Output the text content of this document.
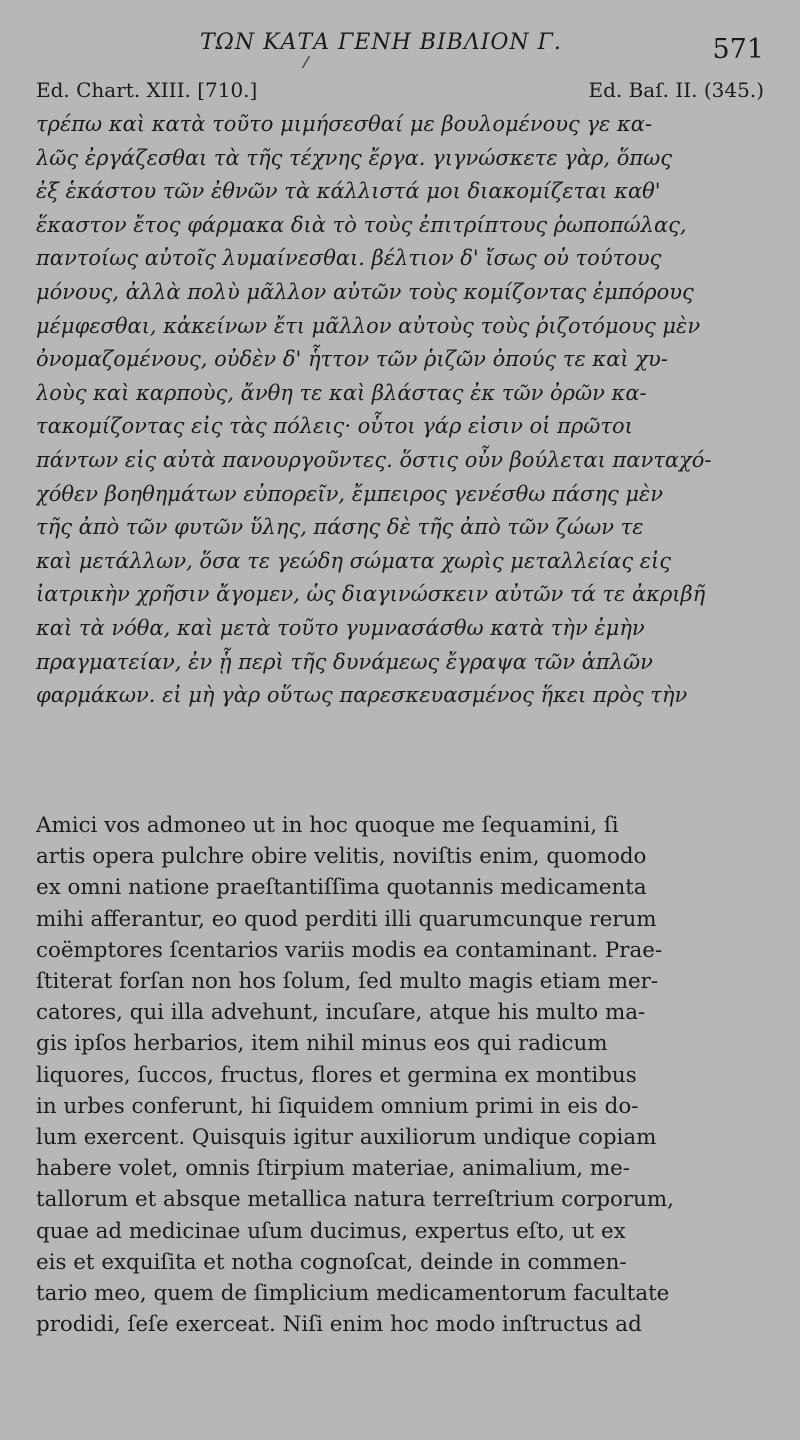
ΤΩΝ ΚΑΤΑ ΓΕΝΗ ΒΙΒΛΙΟΝ Γ.	571
Ed. Chart. XIII. [710.]	Ed. Baſ. II. (345.)
τρέπω καὶ κατὰ τοῦτο μιμήσεσθαί με βουλομένους γε κα-
λῶς ἐργάζεσθαι τὰ τῆς τέχνης ἔργα. γιγνώσκετε γὰρ, ὅπως
ἐξ ἑκάστου τῶν ἐθνῶν τὰ κάλλιστά μοι διακομίζεται καθ'
ἕκαστον ἔτος φάρμακα διὰ τὸ τοὺς ἐπιτρίπτους ῥωποπώλας,
παντοίως αὐτοῖς λυμαίνεσθαι. βέλτιον δ' ἴσως οὐ τούτους
μόνους, ἀλλὰ πολὺ μᾶλλον αὐτῶν τοὺς κομίζοντας ἐμπόρους
μέμφεσθαι, κἀκείνων ἔτι μᾶλλον αὐτοὺς τοὺς ῥιζοτόμους μὲν
ὀνομαζομένους, οὐδὲν δ' ἧττον τῶν ῥιζῶν ὀπούς τε καὶ χυ-
λοὺς καὶ καρποὺς, ἄνθη τε καὶ βλάστας ἐκ τῶν ὀρῶν κα-
τακομίζοντας εἰς τὰς πόλεις· οὗτοι γάρ εἰσιν οἱ πρῶτοι
πάντων εἰς αὐτὰ πανουργοῦντες. ὅστις οὖν βούλεται πανταχό-
χόθεν βοηθημάτων εὐπορεῖν, ἔμπειρος γενέσθω πάσης μὲν
τῆς ἀπὸ τῶν φυτῶν ὕλης, πάσης δὲ τῆς ἀπὸ τῶν ζώων τε
καὶ μετάλλων, ὅσα τε γεώδη σώματα χωρὶς μεταλλείας εἰς
ἰατρικὴν χρῆσιν ἄγομεν, ὡς διαγινώσκειν αὐτῶν τά τε ἀκριβῆ
καὶ τὰ νόθα, καὶ μετὰ τοῦτο γυμνασάσθω κατὰ τὴν ἐμὴν
πραγματείαν, ἐν ᾗ περὶ τῆς δυνάμεως ἔγραψα τῶν ἁπλῶν
φαρμάκων. εἰ μὴ γὰρ οὕτως παρεσκευασμένος ἥκει πρὸς τὴν
Amici vos admoneo ut in hoc quoque me ſequamini, ſi
artis opera pulchre obire velitis, noviſtis enim, quomodo
ex omni natione praeſtantiſſima quotannis medicamenta
mihi afferantur, eo quod perditi illi quarumcunque rerum
coëmptores ſcentarios variis modis ea contaminant. Prae-
ſtiterat forſan non hos ſolum, ſed multo magis etiam mer-
catores, qui illa advehunt, incuſare, atque his multo ma-
gis ipſos herbarios, item nihil minus eos qui radicum
liquores, ſuccos, fructus, flores et germina ex montibus
in urbes conferunt, hi ſiquidem omnium primi in eis do-
lum exercent. Quisquis igitur auxiliorum undique copiam
habere volet, omnis ſtirpium materiae, animalium, me-
tallorum et absque metallica natura terreſtrium corporum,
quae ad medicinae uſum ducimus, expertus eſto, ut ex
eis et exquiſita et notha cognoſcat, deinde in commen-
tario meo, quem de ſimplicium medicamentorum facultate
prodidi, ſeſe exerceat. Niſi enim hoc modo inſtructus ad
